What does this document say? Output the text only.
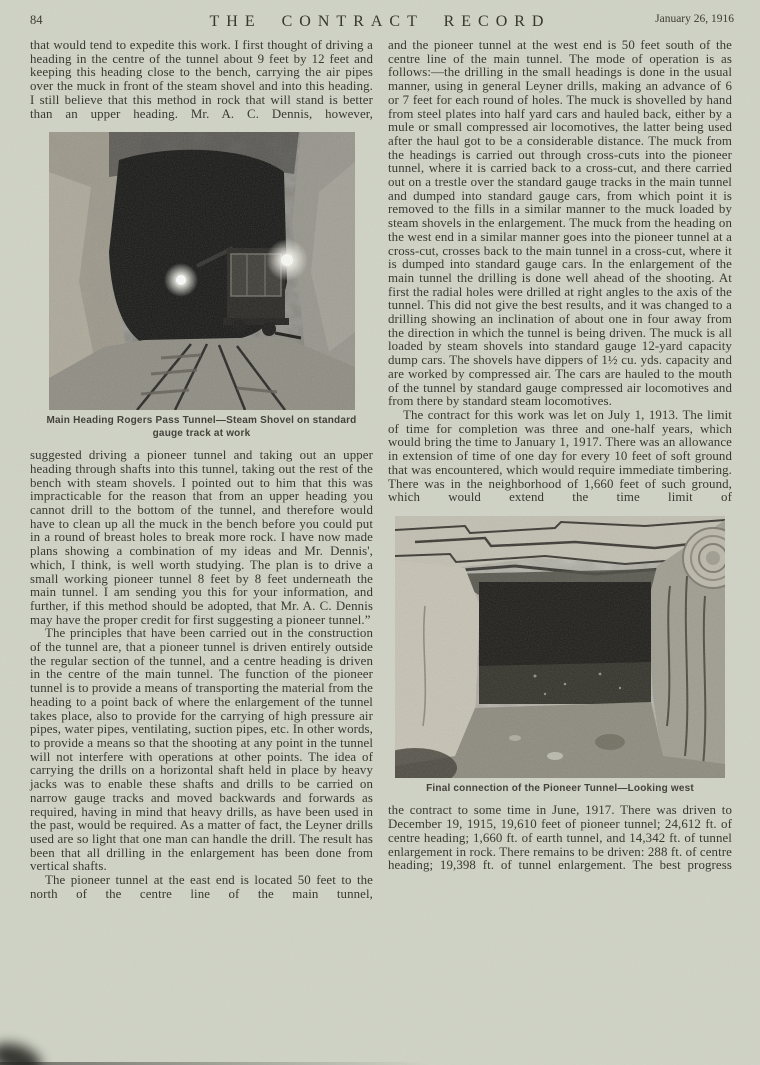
84	THE CONTRACT RECORD	January 26, 1916

that would tend to expedite this work. I first thought of driving a heading in the centre of the tunnel about 9 feet by 12 feet and keeping this heading close to the bench, carrying the air pipes over the muck in front of the steam shovel and into this heading. I still believe that this method in rock that will stand is better than an upper heading. Mr. A. C. Dennis, however,

Main Heading Rogers Pass Tunnel—Steam Shovel on standard gauge track at work

suggested driving a pioneer tunnel and taking out an upper heading through shafts into this tunnel, taking out the rest of the bench with steam shovels. I pointed out to him that this was impracticable for the reason that from an upper heading you cannot drill to the bottom of the tunnel, and therefore would have to clean up all the muck in the bench before you could put in a round of breast holes to break more rock. I have now made plans showing a combination of my ideas and Mr. Dennis', which, I think, is well worth studying. The plan is to drive a small working pioneer tunnel 8 feet by 8 feet underneath the main tunnel. I am sending you this for your information, and further, if this method should be adopted, that Mr. A. C. Dennis may have the proper credit for first suggesting a pioneer tunnel.”

The principles that have been carried out in the construction of the tunnel are, that a pioneer tunnel is driven entirely outside the regular section of the tunnel, and a centre heading is driven in the centre of the main tunnel. The function of the pioneer tunnel is to provide a means of transporting the material from the heading to a point back of where the enlargement of the tunnel takes place, also to provide for the carrying of high pressure air pipes, water pipes, ventilating, suction pipes, etc. In other words, to provide a means so that the shooting at any point in the tunnel will not interfere with operations at other points. The idea of carrying the drills on a horizontal shaft held in place by heavy jacks was to enable these shafts and drills to be carried on narrow gauge tracks and moved backwards and forwards as required, having in mind that heavy drills, as have been used in the past, would be required. As a matter of fact, the Leyner drills used are so light that one man can handle the drill. The result has been that all drilling in the enlargement has been done from vertical shafts.

The pioneer tunnel at the east end is located 50 feet to the north of the centre line of the main tunnel,

and the pioneer tunnel at the west end is 50 feet south of the centre line of the main tunnel. The mode of operation is as follows:—the drilling in the small headings is done in the usual manner, using in general Leyner drills, making an advance of 6 or 7 feet for each round of holes. The muck is shovelled by hand from steel plates into half yard cars and hauled back, either by a mule or small compressed air locomotives, the latter being used after the haul got to be a considerable distance. The muck from the headings is carried out through cross-cuts into the pioneer tunnel, where it is carried back to a cross-cut, and there carried out on a trestle over the standard gauge tracks in the main tunnel and dumped into standard gauge cars, from which point it is removed to the fills in a similar manner to the muck loaded by steam shovels in the enlargement. The muck from the heading on the west end in a similar manner goes into the pioneer tunnel at a cross-cut, crosses back to the main tunnel in a cross-cut, where it is dumped into standard gauge cars. In the enlargement of the main tunnel the drilling is done well ahead of the shooting. At first the radial holes were drilled at right angles to the axis of the tunnel. This did not give the best results, and it was changed to a drilling showing an inclination of about one in four away from the direction in which the tunnel is being driven. The muck is all loaded by steam shovels into standard gauge 12-yard capacity dump cars. The shovels have dippers of 1½ cu. yds. capacity and are worked by compressed air. The cars are hauled to the mouth of the tunnel by standard gauge compressed air locomotives and from there by standard steam locomotives.

The contract for this work was let on July 1, 1913. The limit of time for completion was three and one-half years, which would bring the time to January 1, 1917. There was an allowance in extension of time of one day for every 10 feet of soft ground that was encountered, which would require immediate timbering. There was in the neighborhood of 1,660 feet of such ground, which would extend the time limit of

Final connection of the Pioneer Tunnel—Looking west

the contract to some time in June, 1917. There was driven to December 19, 1915, 19,610 feet of pioneer tunnel; 24,612 ft. of centre heading; 1,660 ft. of earth tunnel, and 14,342 ft. of tunnel enlargement in rock. There remains to be driven: 288 ft. of centre heading; 19,398 ft. of tunnel enlargement. The best progress
